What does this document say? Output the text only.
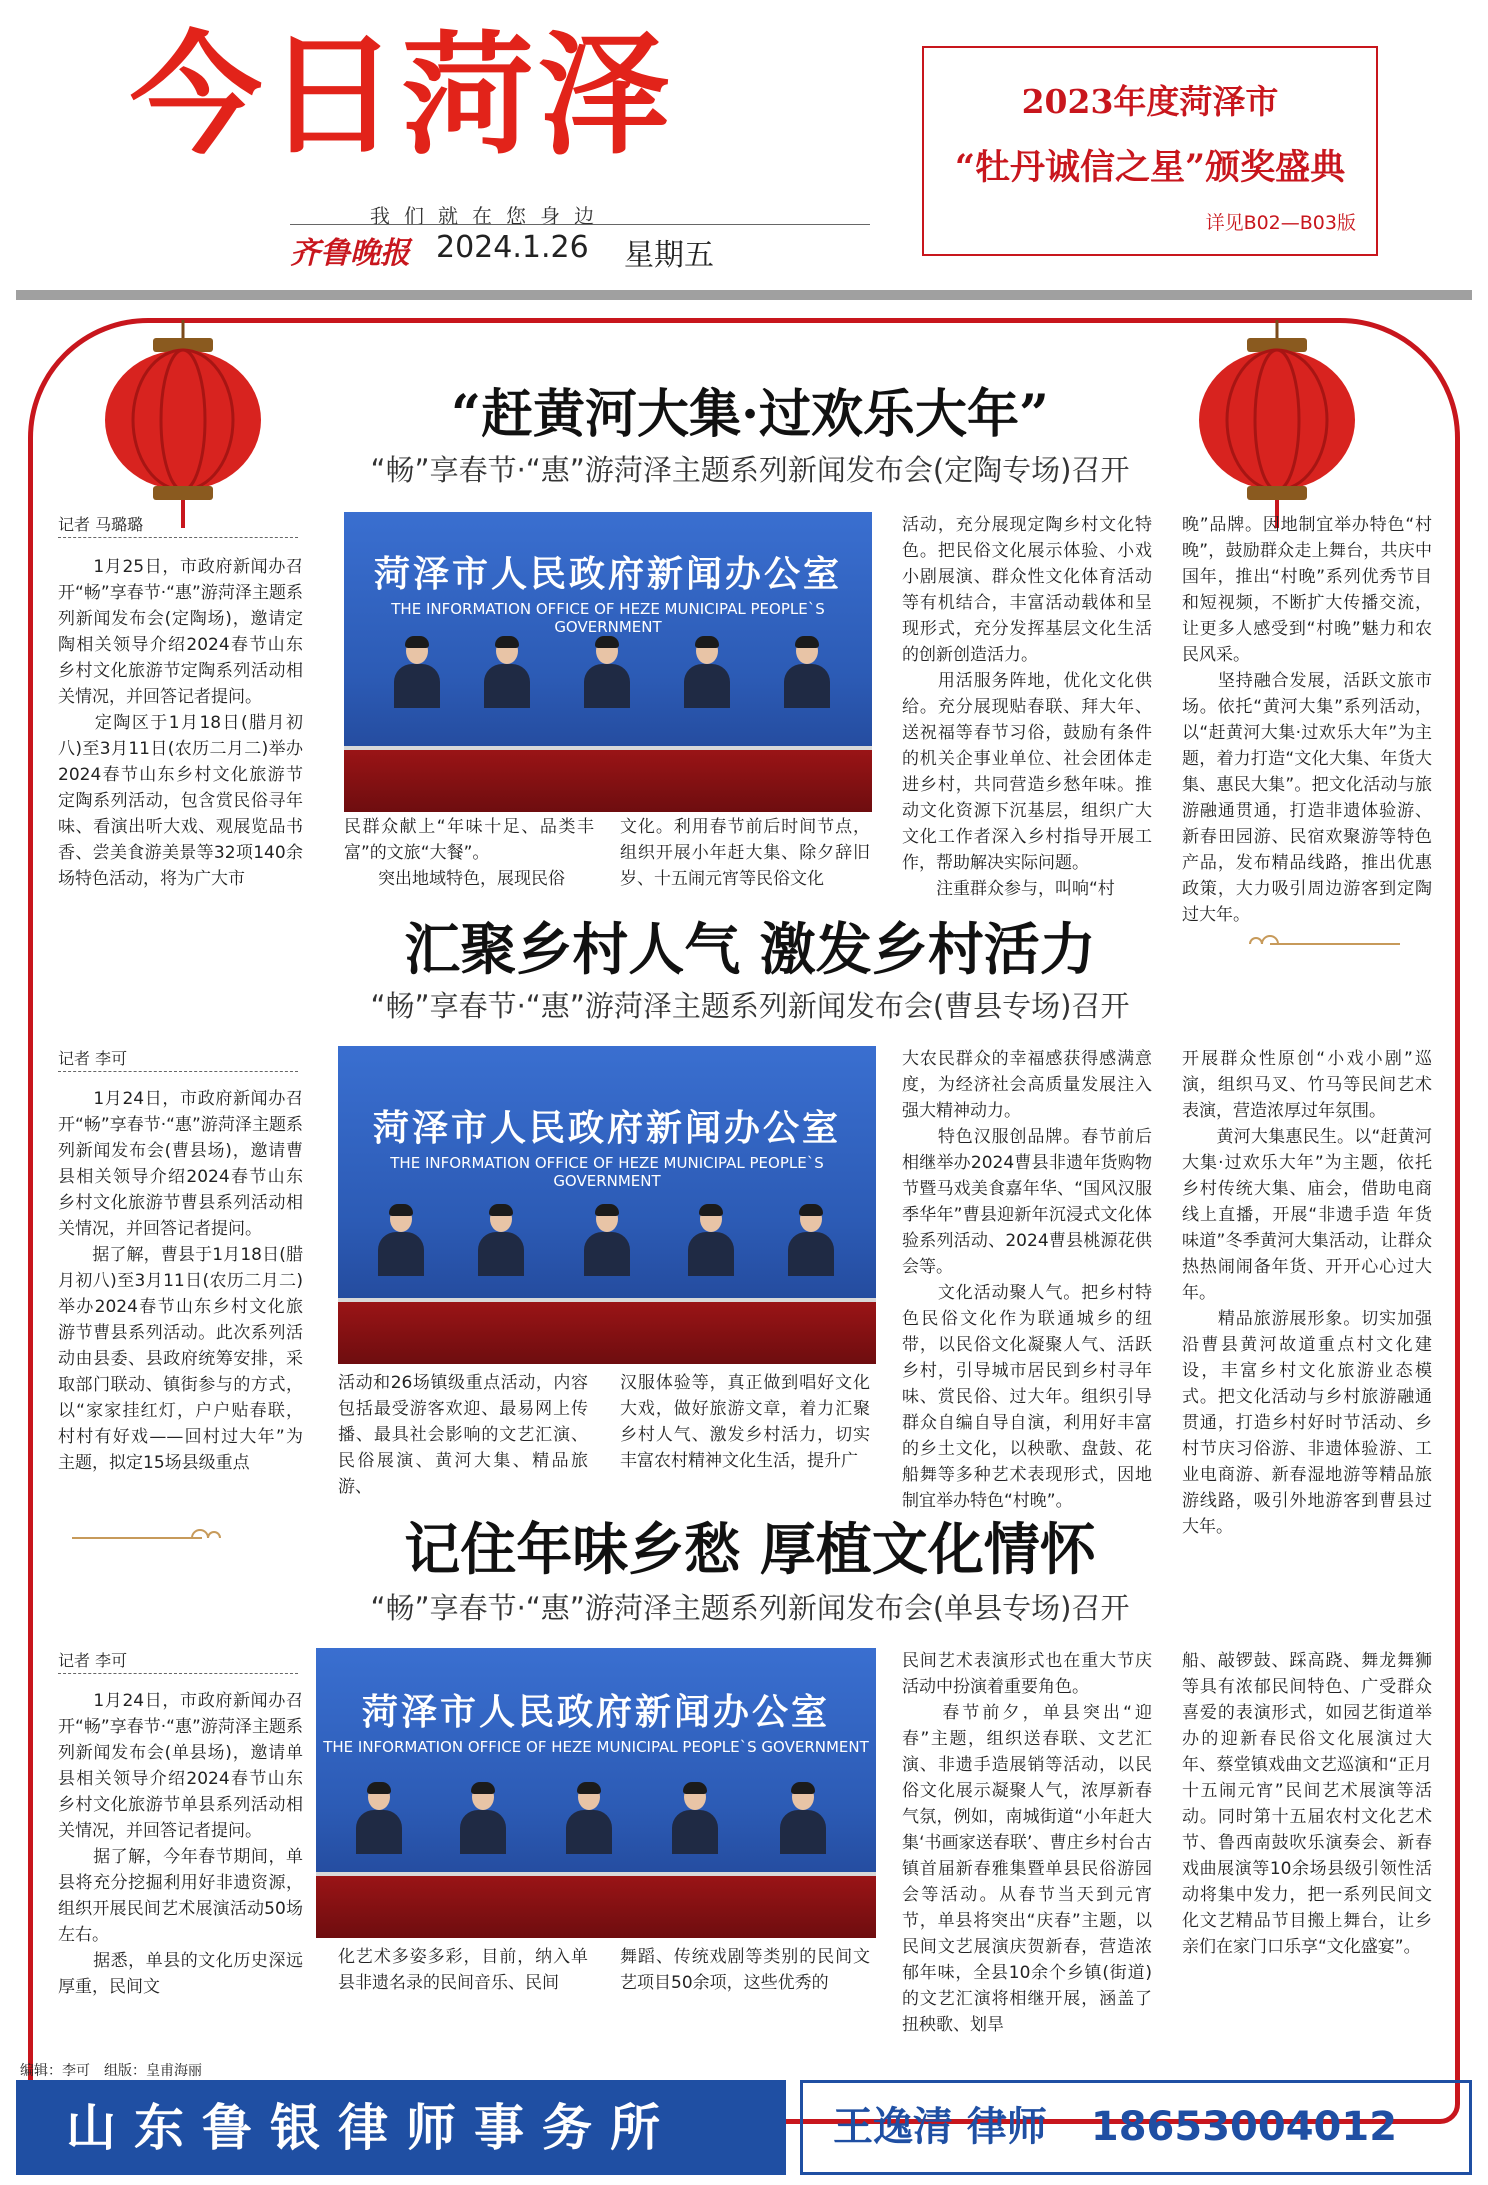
今日菏泽
我们就在您身边
齐鲁晚报 2024.1.26 星期五
2023年度菏泽市
“牡丹诚信之星”颁奖盛典
详见B02—B03版
“赶黄河大集·过欢乐大年”
“畅”享春节·“惠”游菏泽主题系列新闻发布会(定陶专场)召开
记者 马璐璐
　　1月25日，市政府新闻办召开“畅”享春节·“惠”游菏泽主题系列新闻发布会(定陶场)，邀请定陶相关领导介绍2024春节山东乡村文化旅游节定陶系列活动相关情况，并回答记者提问。
　　定陶区于1月18日(腊月初八)至3月11日(农历二月二)举办2024春节山东乡村文化旅游节定陶系列活动，包含赏民俗寻年味、看演出听大戏、观展览品书香、尝美食游美景等32项140余场特色活动，将为广大市
菏泽市人民政府新闻办公室
THE INFORMATION OFFICE OF HEZE MUNICIPAL PEOPLE`S GOVERNMENT
民群众献上“年味十足、品类丰富”的文旅“大餐”。
　　突出地域特色，展现民俗
文化。利用春节前后时间节点，组织开展小年赶大集、除夕辞旧岁、十五闹元宵等民俗文化
活动，充分展现定陶乡村文化特色。把民俗文化展示体验、小戏小剧展演、群众性文化体育活动等有机结合，丰富活动载体和呈现形式，充分发挥基层文化生活的创新创造活力。
　　用活服务阵地，优化文化供给。充分展现贴春联、拜大年、送祝福等春节习俗，鼓励有条件的机关企事业单位、社会团体走进乡村，共同营造乡愁年味。推动文化资源下沉基层，组织广大文化工作者深入乡村指导开展工作，帮助解决实际问题。
　　注重群众参与，叫响“村
晚”品牌。因地制宜举办特色“村晚”，鼓励群众走上舞台，共庆中国年，推出“村晚”系列优秀节目和短视频，不断扩大传播交流，让更多人感受到“村晚”魅力和农民风采。
　　坚持融合发展，活跃文旅市场。依托“黄河大集”系列活动，以“赶黄河大集·过欢乐大年”为主题，着力打造“文化大集、年货大集、惠民大集”。把文化活动与旅游融通贯通，打造非遗体验游、新春田园游、民宿欢聚游等特色产品，发布精品线路，推出优惠政策，大力吸引周边游客到定陶过大年。
汇聚乡村人气 激发乡村活力
“畅”享春节·“惠”游菏泽主题系列新闻发布会(曹县专场)召开
记者 李可
　　1月24日，市政府新闻办召开“畅”享春节·“惠”游菏泽主题系列新闻发布会(曹县场)，邀请曹县相关领导介绍2024春节山东乡村文化旅游节曹县系列活动相关情况，并回答记者提问。
　　据了解，曹县于1月18日(腊月初八)至3月11日(农历二月二)举办2024春节山东乡村文化旅游节曹县系列活动。此次系列活动由县委、县政府统筹安排，采取部门联动、镇街参与的方式，以“家家挂红灯，户户贴春联，村村有好戏——回村过大年”为主题，拟定15场县级重点
菏泽市人民政府新闻办公室
THE INFORMATION OFFICE OF HEZE MUNICIPAL PEOPLE`S GOVERNMENT
活动和26场镇级重点活动，内容包括最受游客欢迎、最易网上传播、最具社会影响的文艺汇演、民俗展演、黄河大集、精品旅游、
汉服体验等，真正做到唱好文化大戏，做好旅游文章，着力汇聚乡村人气、激发乡村活力，切实丰富农村精神文化生活，提升广
大农民群众的幸福感获得感满意度，为经济社会高质量发展注入强大精神动力。
　　特色汉服创品牌。春节前后相继举办2024曹县非遗年货购物节暨马戏美食嘉年华、“国风汉服季华年”曹县迎新年沉浸式文化体验系列活动、2024曹县桃源花供会等。
　　文化活动聚人气。把乡村特色民俗文化作为联通城乡的纽带，以民俗文化凝聚人气、活跃乡村，引导城市居民到乡村寻年味、赏民俗、过大年。组织引导群众自编自导自演，利用好丰富的乡土文化，以秧歌、盘鼓、花船舞等多种艺术表现形式，因地制宜举办特色“村晚”。
开展群众性原创“小戏小剧”巡演，组织马叉、竹马等民间艺术表演，营造浓厚过年氛围。
　　黄河大集惠民生。以“赶黄河大集·过欢乐大年”为主题，依托乡村传统大集、庙会，借助电商线上直播，开展“非遗手造 年货味道”冬季黄河大集活动，让群众热热闹闹备年货、开开心心过大年。
　　精品旅游展形象。切实加强沿曹县黄河故道重点村文化建设，丰富乡村文化旅游业态模式。把文化活动与乡村旅游融通贯通，打造乡村好时节活动、乡村节庆习俗游、非遗体验游、工业电商游、新春湿地游等精品旅游线路，吸引外地游客到曹县过大年。
记住年味乡愁 厚植文化情怀
“畅”享春节·“惠”游菏泽主题系列新闻发布会(单县专场)召开
记者 李可
　　1月24日，市政府新闻办召开“畅”享春节·“惠”游菏泽主题系列新闻发布会(单县场)，邀请单县相关领导介绍2024春节山东乡村文化旅游节单县系列活动相关情况，并回答记者提问。
　　据了解，今年春节期间，单县将充分挖掘利用好非遗资源，组织开展民间艺术展演活动50场左右。
　　据悉，单县的文化历史深远厚重，民间文
菏泽市人民政府新闻办公室
THE INFORMATION OFFICE OF HEZE MUNICIPAL PEOPLE`S GOVERNMENT
化艺术多姿多彩，目前，纳入单县非遗名录的民间音乐、民间
舞蹈、传统戏剧等类别的民间文艺项目50余项，这些优秀的
民间艺术表演形式也在重大节庆活动中扮演着重要角色。
　　春节前夕，单县突出“迎春”主题，组织送春联、文艺汇演、非遗手造展销等活动，以民俗文化展示凝聚人气，浓厚新春气氛，例如，南城街道“小年赶大集‘书画家送春联’、曹庄乡村台古镇首届新春雅集暨单县民俗游园会等活动。从春节当天到元宵节，单县将突出“庆春”主题，以民间文艺展演庆贺新春，营造浓郁年味，全县10余个乡镇(街道)的文艺汇演将相继开展，涵盖了扭秧歌、划旱
船、敲锣鼓、踩高跷、舞龙舞狮等具有浓郁民间特色、广受群众喜爱的表演形式，如园艺街道举办的迎新春民俗文化展演过大年、蔡堂镇戏曲文艺巡演和“正月十五闹元宵”民间艺术展演等活动。同时第十五届农村文化艺术节、鲁西南鼓吹乐演奏会、新春戏曲展演等10余场县级引领性活动将集中发力，把一系列民间文化文艺精品节目搬上舞台，让乡亲们在家门口乐享“文化盛宴”。
编辑：李可　组版：皇甫海丽
山东鲁银律师事务所	王逸清 律师 18653004012
